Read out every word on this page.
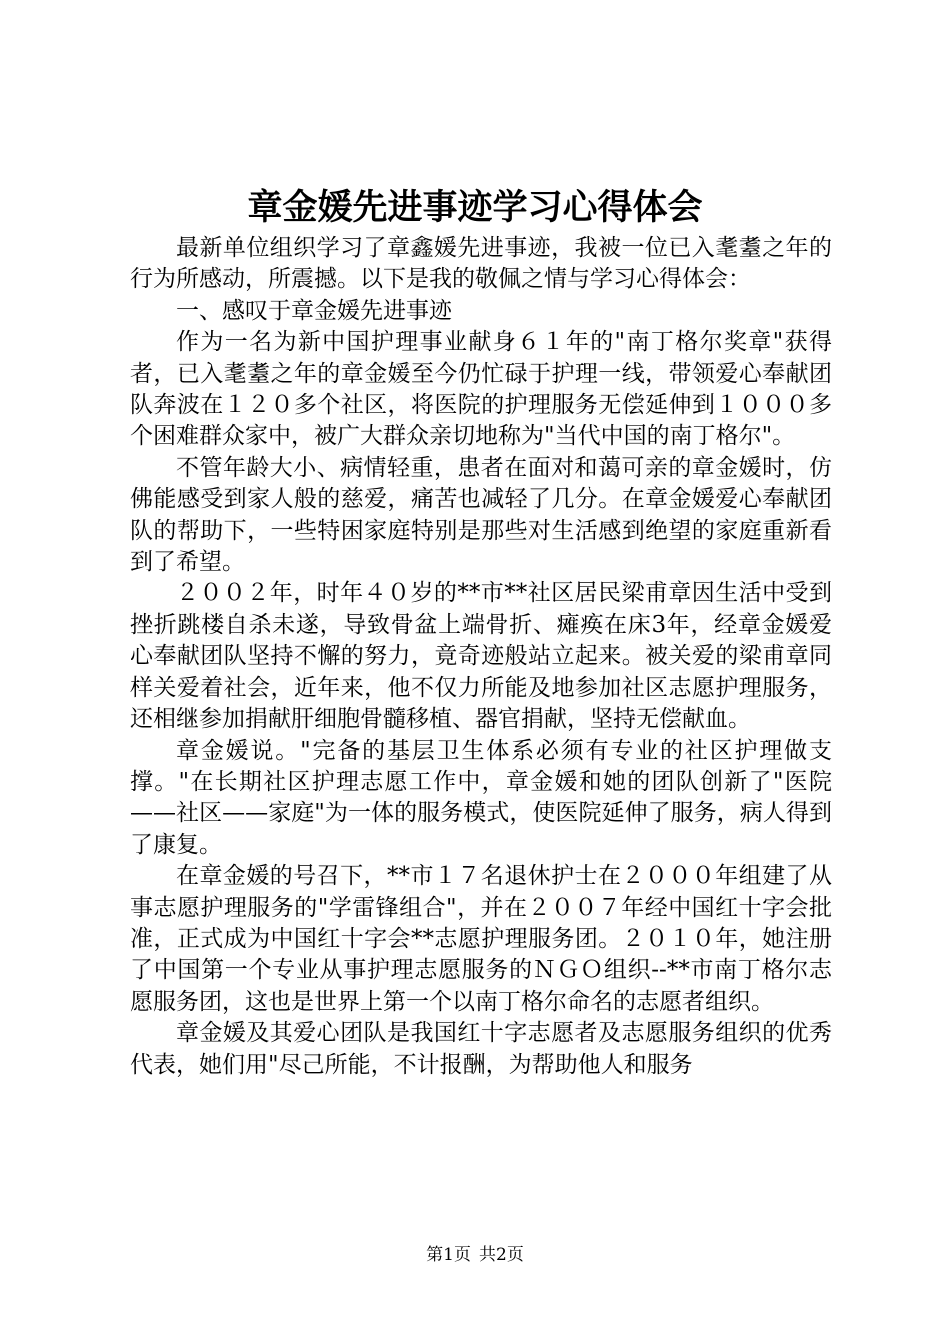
章金媛先进事迹学习心得体会

最新单位组织学习了章鑫媛先进事迹，我被一位已入耄耋之年的行为所感动，所震撼。以下是我的敬佩之情与学习心得体会：

一、感叹于章金媛先进事迹

作为一名为新中国护理事业献身６１年的"南丁格尔奖章"获得者，已入耄耋之年的章金媛至今仍忙碌于护理一线，带领爱心奉献团队奔波在１２０多个社区，将医院的护理服务无偿延伸到１０００多个困难群众家中，被广大群众亲切地称为"当代中国的南丁格尔"。

不管年龄大小、病情轻重，患者在面对和蔼可亲的章金媛时，仿佛能感受到家人般的慈爱，痛苦也减轻了几分。在章金媛爱心奉献团队的帮助下，一些特困家庭特别是那些对生活感到绝望的家庭重新看到了希望。

２００２年，时年４０岁的**市**社区居民梁甫章因生活中受到挫折跳楼自杀未遂，导致骨盆上端骨折、瘫痪在床3年，经章金媛爱心奉献团队坚持不懈的努力，竟奇迹般站立起来。被关爱的梁甫章同样关爱着社会，近年来，他不仅力所能及地参加社区志愿护理服务，还相继参加捐献肝细胞骨髓移植、器官捐献，坚持无偿献血。

章金媛说。"完备的基层卫生体系必须有专业的社区护理做支撑。"在长期社区护理志愿工作中，章金媛和她的团队创新了"医院——社区——家庭"为一体的服务模式，使医院延伸了服务，病人得到了康复。

在章金媛的号召下，**市１７名退休护士在２０００年组建了从事志愿护理服务的"学雷锋组合"，并在２００７年经中国红十字会批准，正式成为中国红十字会**志愿护理服务团。２０１０年，她注册了中国第一个专业从事护理志愿服务的ＮＧＯ组织--**市南丁格尔志愿服务团，这也是世界上第一个以南丁格尔命名的志愿者组织。

章金媛及其爱心团队是我国红十字志愿者及志愿服务组织的优秀代表，她们用"尽己所能，不计报酬，为帮助他人和服务

第1页 共2页
